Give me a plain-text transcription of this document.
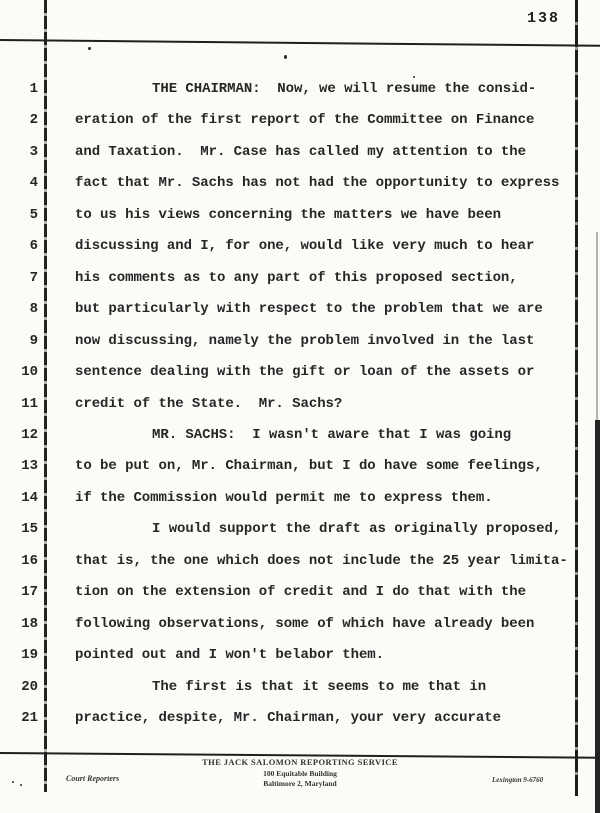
138
1	THE CHAIRMAN:  Now, we will resume the consid-
2	eration of the first report of the Committee on Finance
3	and Taxation.  Mr. Case has called my attention to the
4	fact that Mr. Sachs has not had the opportunity to express
5	to us his views concerning the matters we have been
6	discussing and I, for one, would like very much to hear
7	his comments as to any part of this proposed section,
8	but particularly with respect to the problem that we are
9	now discussing, namely the problem involved in the last
10	sentence dealing with the gift or loan of the assets or
11	credit of the State.  Mr. Sachs?
12	MR. SACHS:  I wasn't aware that I was going
13	to be put on, Mr. Chairman, but I do have some feelings,
14	if the Commission would permit me to express them.
15	I would support the draft as originally proposed,
16	that is, the one which does not include the 25 year limita-
17	tion on the extension of credit and I do that with the
18	following observations, some of which have already been
19	pointed out and I won't belabor them.
20	The first is that it seems to me that in
21	practice, despite, Mr. Chairman, your very accurate
Court Reporters
THE JACK SALOMON REPORTING SERVICE
100 Equitable Building
Baltimore 2, Maryland	Lexington 9-6760
